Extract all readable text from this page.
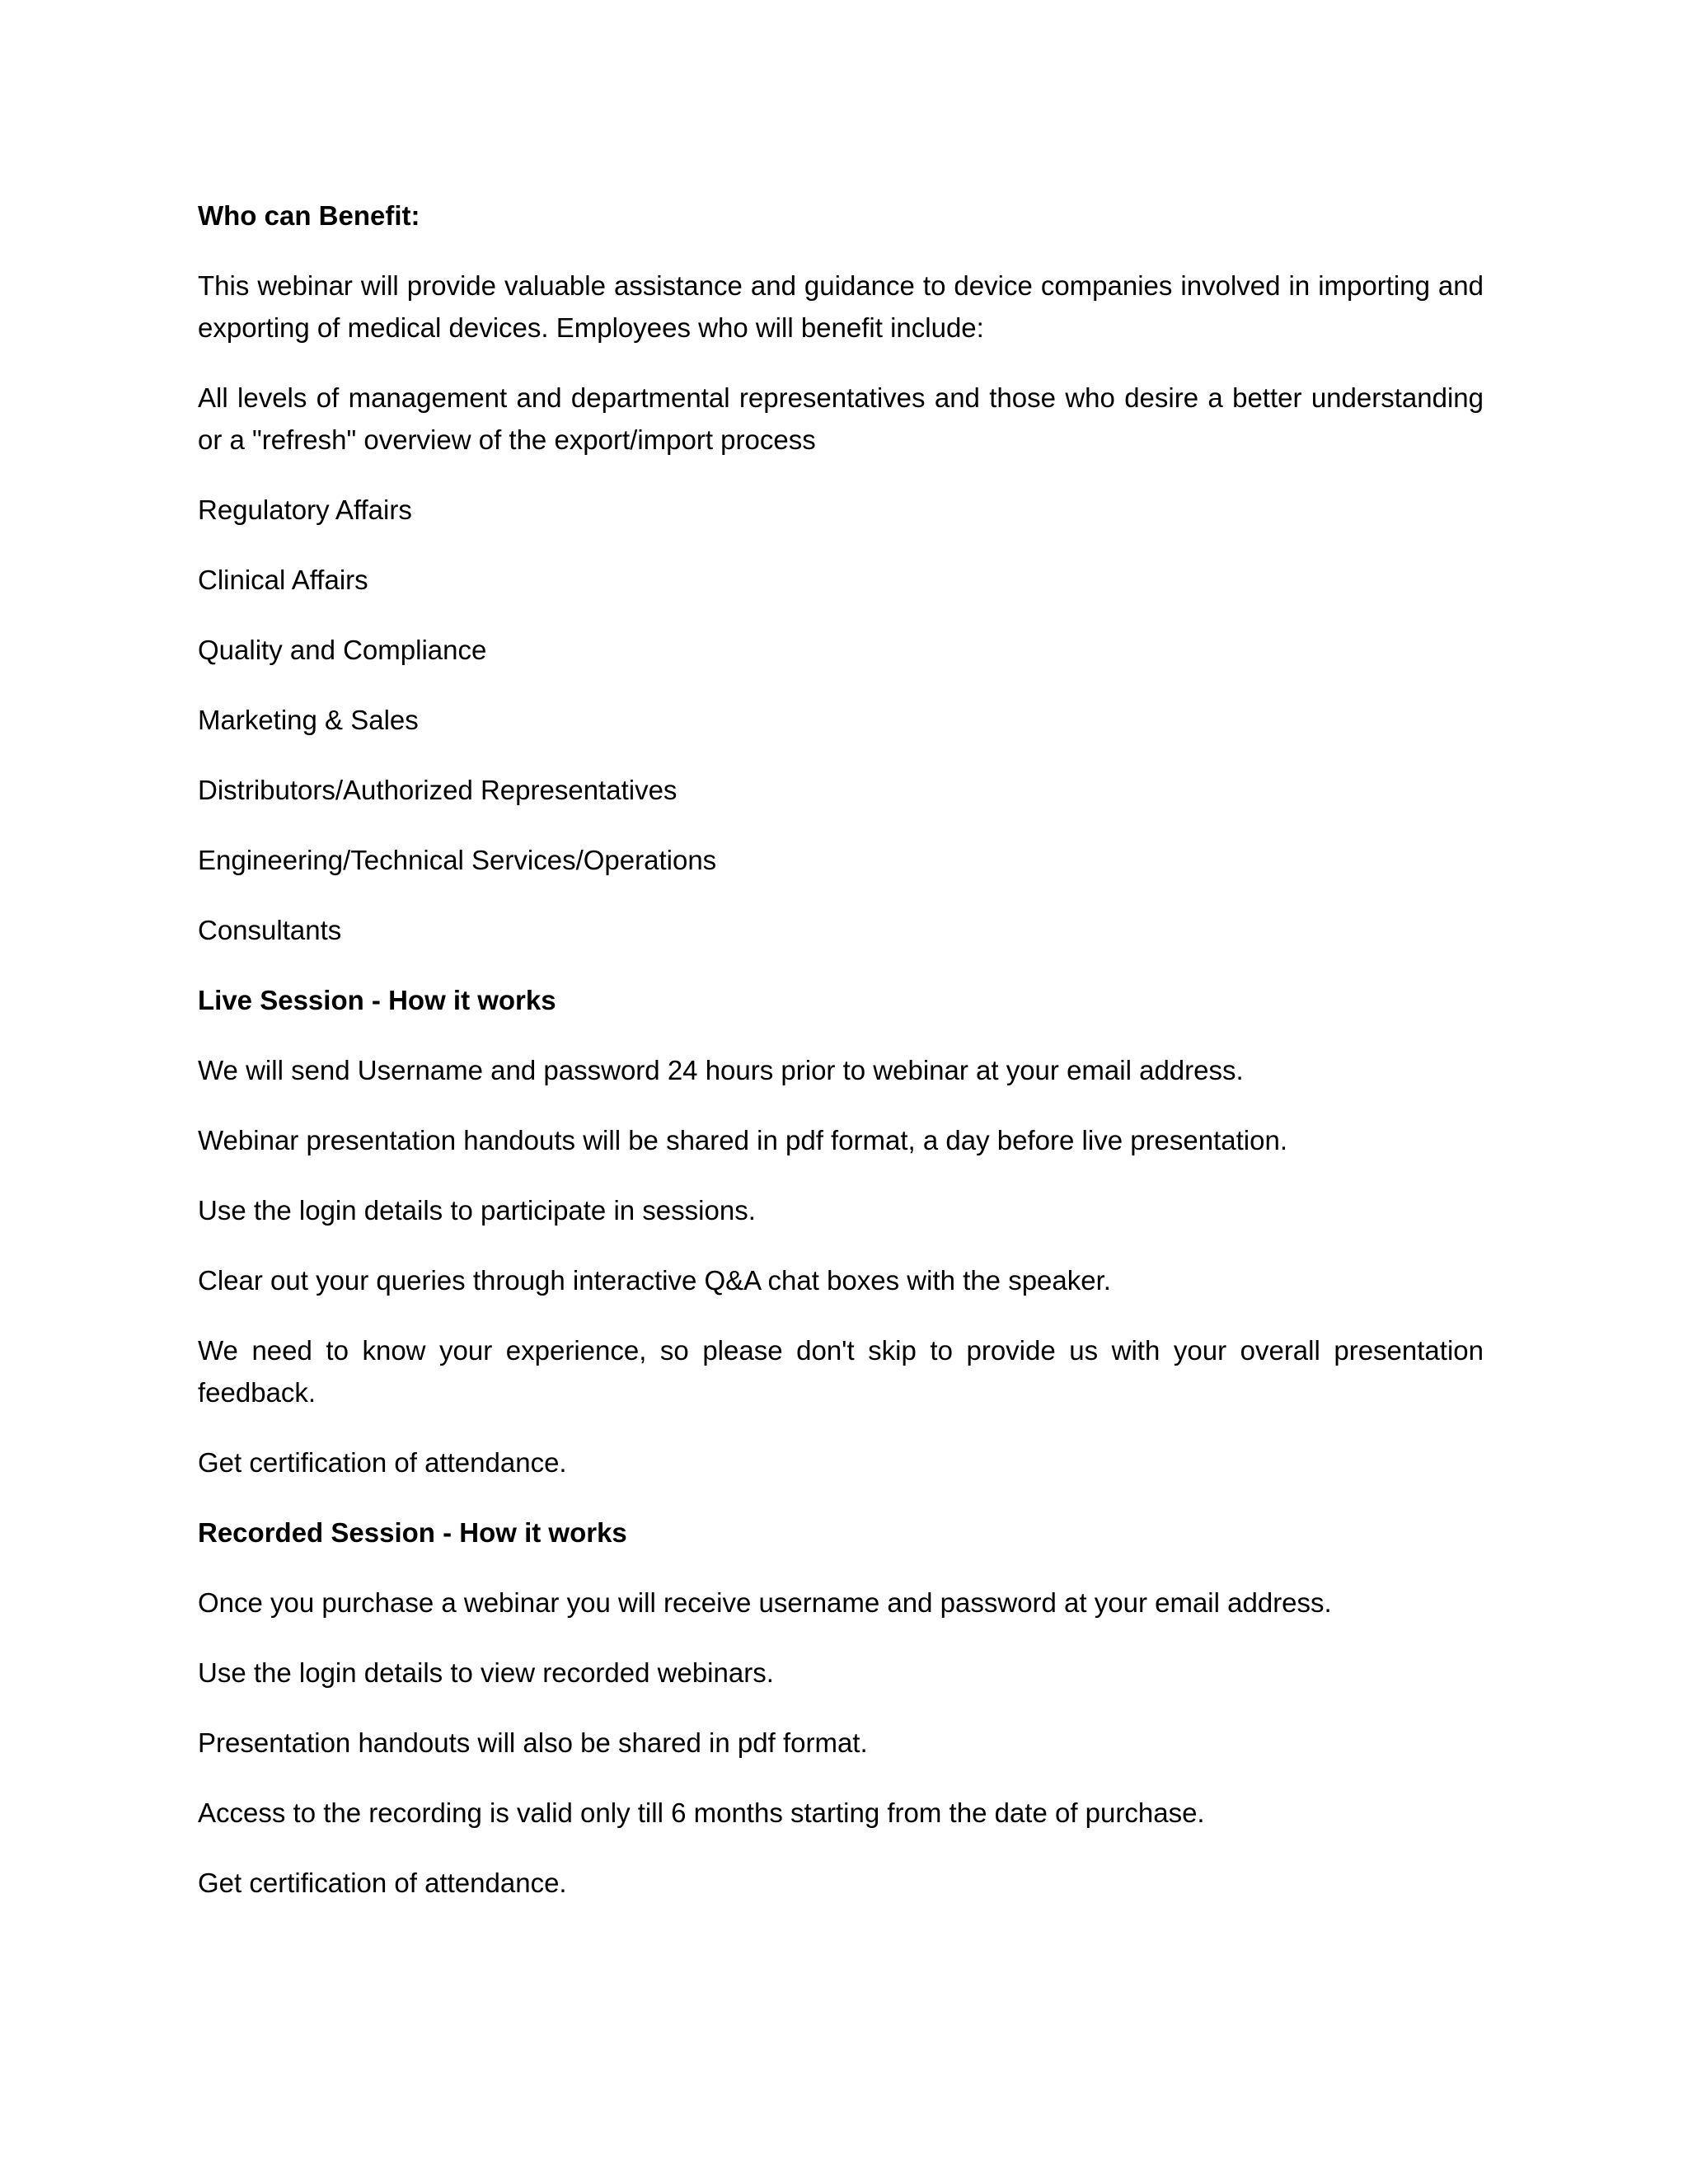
Who can Benefit:
This webinar will provide valuable assistance and guidance to device companies involved in importing and exporting of medical devices. Employees who will benefit include:
All levels of management and departmental representatives and those who desire a better understanding or a "refresh" overview of the export/import process
Regulatory Affairs
Clinical Affairs
Quality and Compliance
Marketing & Sales
Distributors/Authorized Representatives
Engineering/Technical Services/Operations
Consultants
Live Session - How it works
We will send Username and password 24 hours prior to webinar at your email address.
Webinar presentation handouts will be shared in pdf format, a day before live presentation.
Use the login details to participate in sessions.
Clear out your queries through interactive Q&A chat boxes with the speaker.
We need to know your experience, so please don't skip to provide us with your overall presentation feedback.
Get certification of attendance.
Recorded Session - How it works
Once you purchase a webinar you will receive username and password at your email address.
Use the login details to view recorded webinars.
Presentation handouts will also be shared in pdf format.
Access to the recording is valid only till 6 months starting from the date of purchase.
Get certification of attendance.
